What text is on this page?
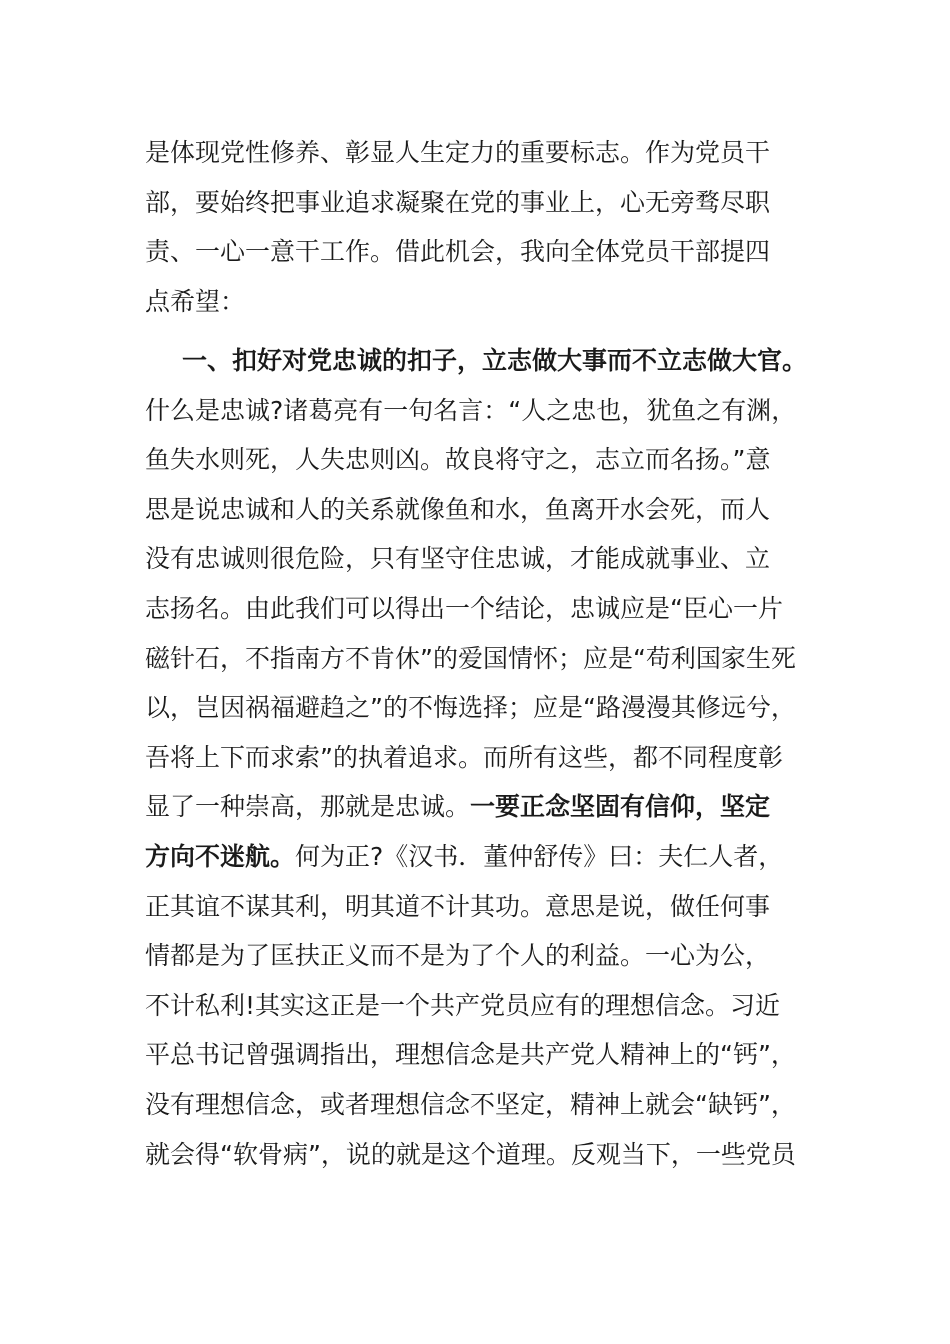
是体现党性修养、彰显人生定力的重要标志。作为党员干
部，要始终把事业追求凝聚在党的事业上，心无旁骛尽职
责、一心一意干工作。借此机会，我向全体党员干部提四
点希望：
一、扣好对党忠诚的扣子，立志做大事而不立志做大官。
什么是忠诚?诸葛亮有一句名言：“人之忠也，犹鱼之有渊，
鱼失水则死，人失忠则凶。故良将守之，志立而名扬。”意
思是说忠诚和人的关系就像鱼和水，鱼离开水会死，而人
没有忠诚则很危险，只有坚守住忠诚，才能成就事业、立
志扬名。由此我们可以得出一个结论，忠诚应是“臣心一片
磁针石，不指南方不肯休”的爱国情怀；应是“苟利国家生死
以，岂因祸福避趋之”的不悔选择；应是“路漫漫其修远兮，
吾将上下而求索”的执着追求。而所有这些，都不同程度彰
显了一种崇高，那就是忠诚。一要正念坚固有信仰，坚定
方向不迷航。何为正?《汉书．董仲舒传》曰：夫仁人者，
正其谊不谋其利，明其道不计其功。意思是说，做任何事
情都是为了匡扶正义而不是为了个人的利益。一心为公，
不计私利!其实这正是一个共产党员应有的理想信念。习近
平总书记曾强调指出，理想信念是共产党人精神上的“钙”，
没有理想信念，或者理想信念不坚定，精神上就会“缺钙”，
就会得“软骨病”，说的就是这个道理。反观当下，一些党员
